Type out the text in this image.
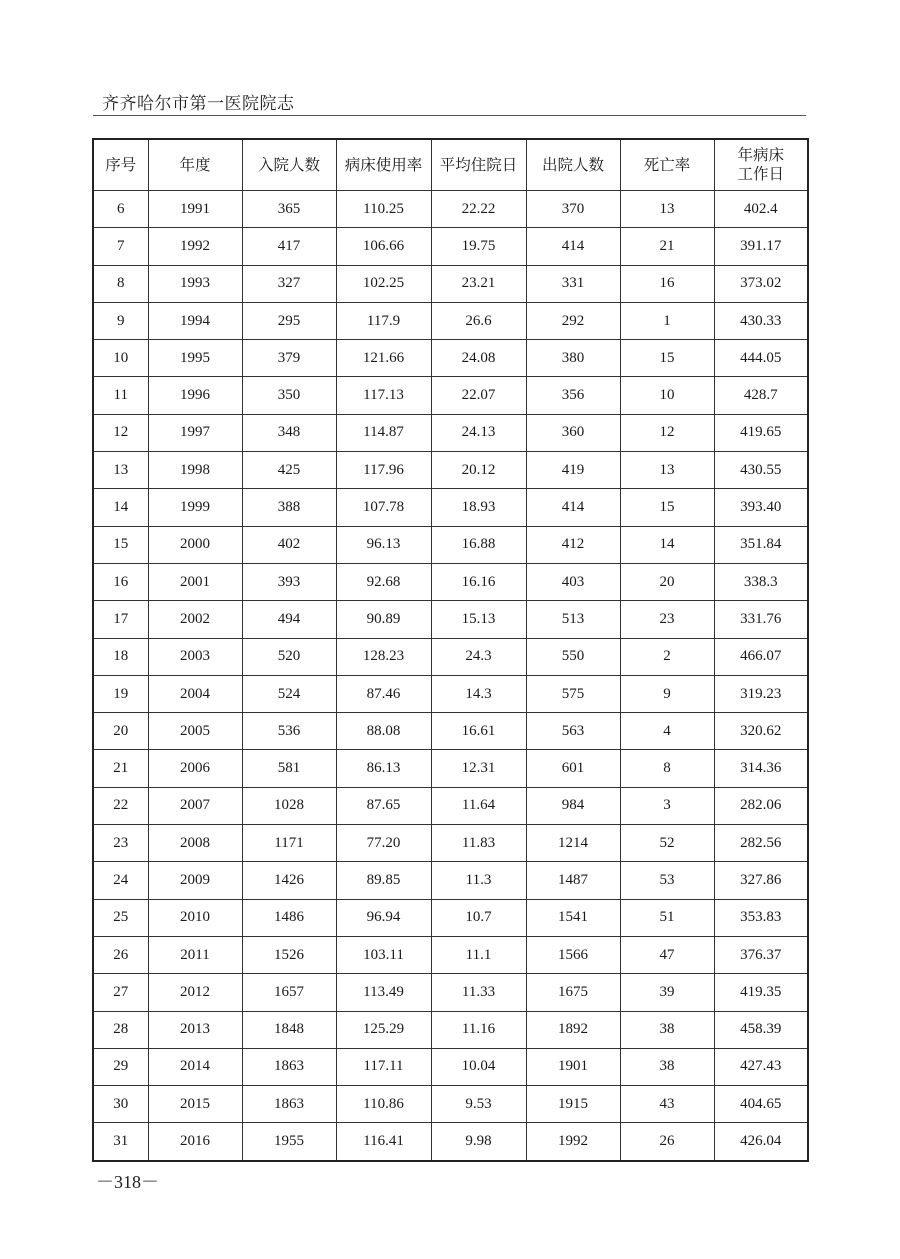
齐齐哈尔市第一医院院志
序号	年度	入院人数	病床使用率	平均住院日	出院人数	死亡率	年病床
工作日
6	1991	365	110.25	22.22	370	13	402.4
7	1992	417	106.66	19.75	414	21	391.17
8	1993	327	102.25	23.21	331	16	373.02
9	1994	295	117.9	26.6	292	1	430.33
10	1995	379	121.66	24.08	380	15	444.05
11	1996	350	117.13	22.07	356	10	428.7
12	1997	348	114.87	24.13	360	12	419.65
13	1998	425	117.96	20.12	419	13	430.55
14	1999	388	107.78	18.93	414	15	393.40
15	2000	402	96.13	16.88	412	14	351.84
16	2001	393	92.68	16.16	403	20	338.3
17	2002	494	90.89	15.13	513	23	331.76
18	2003	520	128.23	24.3	550	2	466.07
19	2004	524	87.46	14.3	575	9	319.23
20	2005	536	88.08	16.61	563	4	320.62
21	2006	581	86.13	12.31	601	8	314.36
22	2007	1028	87.65	11.64	984	3	282.06
23	2008	1171	77.20	11.83	1214	52	282.56
24	2009	1426	89.85	11.3	1487	53	327.86
25	2010	1486	96.94	10.7	1541	51	353.83
26	2011	1526	103.11	11.1	1566	47	376.37
27	2012	1657	113.49	11.33	1675	39	419.35
28	2013	1848	125.29	11.16	1892	38	458.39
29	2014	1863	117.11	10.04	1901	38	427.43
30	2015	1863	110.86	9.53	1915	43	404.65
31	2016	1955	116.41	9.98	1992	26	426.04
－318－
